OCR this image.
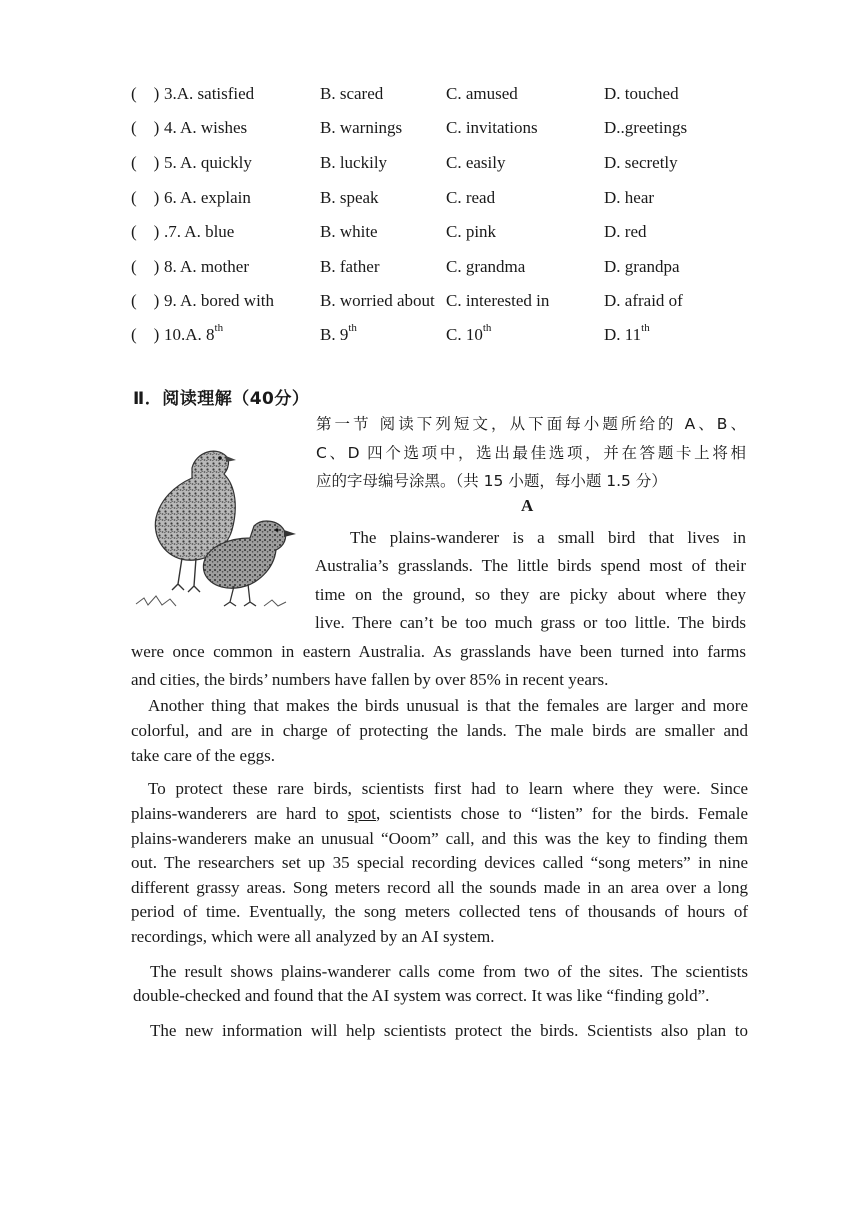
(　) 3.A. satisfied	B. scared	C. amused	D. touched
(　) 4. A. wishes	B. warnings	C. invitations	D..greetings
(　) 5. A. quickly	B. luckily	C. easily	D. secretly
(　) 6. A. explain	B. speak	C. read	D. hear
(　) .7. A. blue	B. white	C. pink	D. red
(　) 8. A. mother	B. father	C. grandma	D. grandpa
(　) 9. A. bored with	B. worried about C. interested in	D. afraid of
(　) 10.A. 8th	B. 9th	C. 10th	D. 11th
Ⅱ．阅读理解（40分）
第一节 阅读下列短文，从下面每小题所给的 A、B、
C、D 四个选项中，选出最佳选项，并在答题卡上将相
应的字母编号涂黑。（共 15 小题，每小题 1.5 分）
A
The plains-wanderer is a small bird that lives in
Australia’s grasslands. The little birds spend most of their
time on the ground, so they are picky about where they
live. There can’t be too much grass or too little. The birds
were once common in eastern Australia. As grasslands have been turned into farms
and cities, the birds’ numbers have fallen by over 85% in recent years.
Another thing that makes the birds unusual is that the females are larger and more
colorful, and are in charge of protecting the lands. The male birds are smaller and
take care of the eggs.
To protect these rare birds, scientists first had to learn where they were. Since
plains-wanderers are hard to spot, scientists chose to “listen” for the birds. Female
plains-wanderers make an unusual “Ooom” call, and this was the key to finding them
out. The researchers set up 35 special recording devices called “song meters” in nine
different grassy areas. Song meters record all the sounds made in an area over a long
period of time. Eventually, the song meters collected tens of thousands of hours of
recordings, which were all analyzed by an AI system.
The result shows plains-wanderer calls come from two of the sites. The scientists
double-checked and found that the AI system was correct. It was like “finding gold”.
The new information will help scientists protect the birds. Scientists also plan to
